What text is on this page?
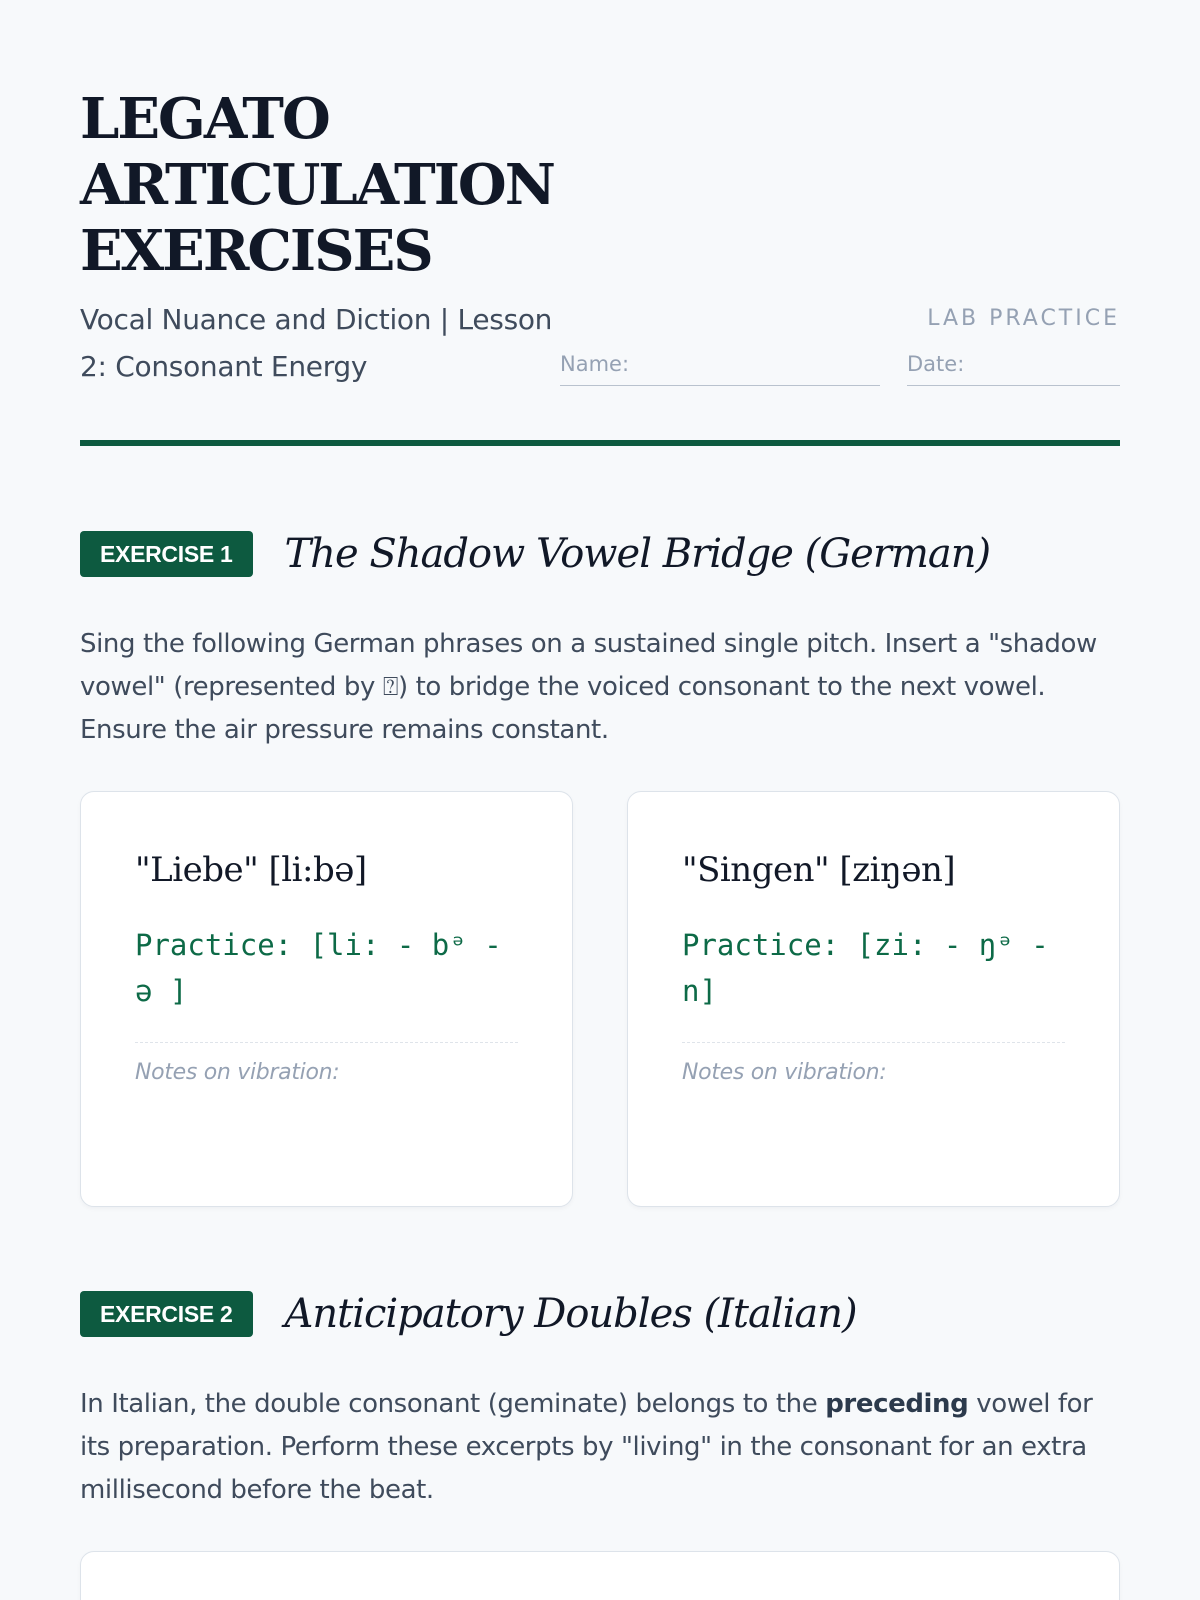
LEGATO ARTICULATION EXERCISES
Vocal Nuance and Diction | Lesson 2: Consonant Energy
LAB PRACTICE
Name:	Date:
EXERCISE 1	The Shadow Vowel Bridge (German)

Sing the following German phrases on a sustained single pitch. Insert a "shadow vowel" (represented by ⍰) to bridge the voiced consonant to the next vowel. Ensure the air pressure remains constant.

"Liebe" [li:bə]
Practice: [li: - bᵊ - ə ]
Notes on vibration:
"Singen" [ziŋən]
Practice: [zi: - ŋᵊ - n]
Notes on vibration:
EXERCISE 2	Anticipatory Doubles (Italian)

In Italian, the double consonant (geminate) belongs to the preceding vowel for its preparation. Perform these excerpts by "living" in the consonant for an extra millisecond before the beat.
